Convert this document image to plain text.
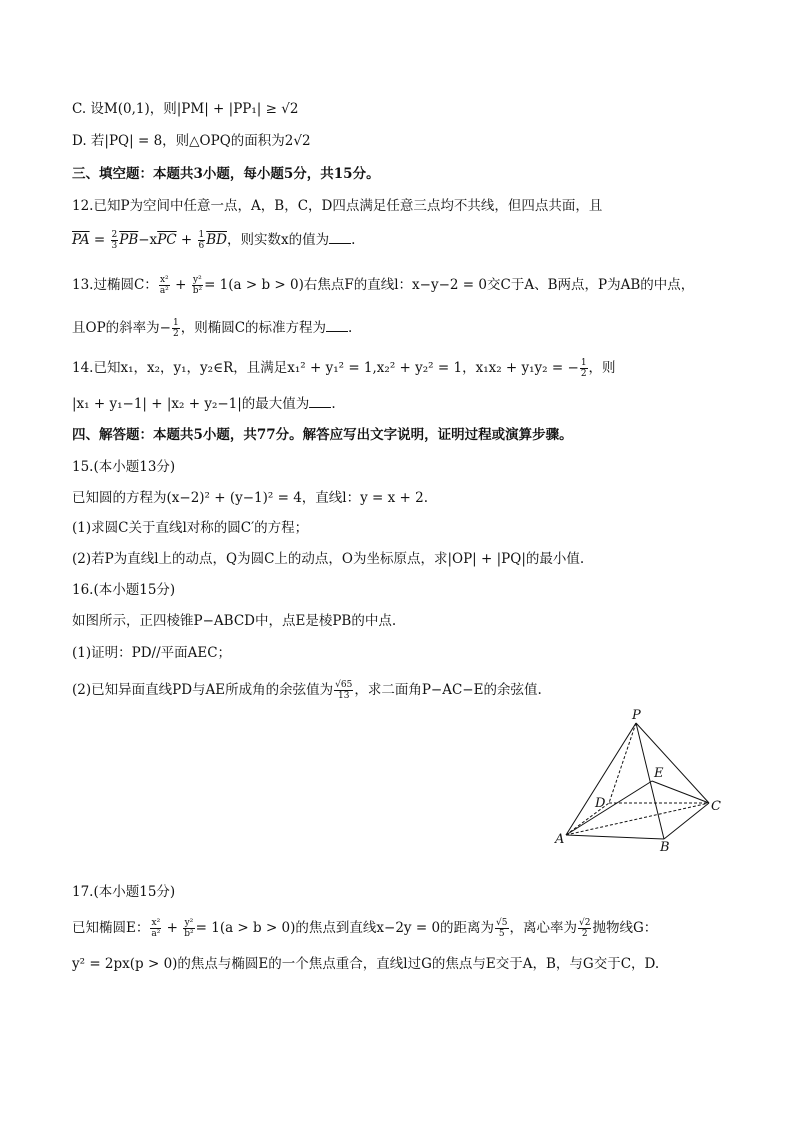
C. 设M(0,1)，则|PM| + |PP₁| ≥ √2
D. 若|PQ| = 8，则△OPQ的面积为2√2
三、填空题：本题共3小题，每小题5分，共15分。
12.已知P为空间中任意一点，A，B，C，D四点满足任意三点均不共线，但四点共面，且
$\overline{PA} = \frac{2}{3} \overline{PB}-x\overline{PC} + \frac{1}{6} \overline{BD}$，则实数x的值为 .
13.过椭圆C： $\frac{\text{x²}}{\text{a²}} + \frac{\text{y²}}{\text{b²}} = 1(a > b > 0)$右焦点F的直线l：x−y−2 = 0交C于A、B两点，P为AB的中点，
且OP的斜率为− $\frac{1}{2}$ ，则椭圆C的标准方程为 .
14.已知x₁，x₂，y₁，y₂∈R，且满足x₁² + y₁² = 1,x₂² + y₂² = 1，x₁x₂ + y₁y₂ = − $\frac{1}{2}$ ，则
|x₁ + y₁−1| + |x₂ + y₂−1|的最大值为 .
四、解答题：本题共5小题，共77分。解答应写出文字说明，证明过程或演算步骤。
15.(本小题13分)
已知圆的方程为(x−2)² + (y−1)² = 4，直线l：y = x + 2.
(1)求圆C关于直线l对称的圆C′的方程；
(2)若P为直线l上的动点，Q为圆C上的动点，O为坐标原点，求|OP| + |PQ|的最小值.
16.(本小题15分)
如图所示，正四棱锥P−ABCD中，点E是棱PB的中点.
(1)证明：PD//平面AEC；
(2)已知异面直线PD与AE所成角的余弦值为 $\frac{√65}{13}$ ，求二面角P−AC−E的余弦值.
P
E
D	C
A
B
17.(本小题15分)
已知椭圆E： $\frac{\text{x²}}{\text{a²}} + \frac{\text{y²}}{\text{b²}} = 1(a > b > 0)$的焦点到直线x−2y = 0的距离为 $\frac{√5}{5}$ ，离心率为 $\frac{√2}{2}$ 抛物线G：
y² = 2px(p > 0)的焦点与椭圆E的一个焦点重合，直线l过G的焦点与E交于A，B，与G交于C，D.
